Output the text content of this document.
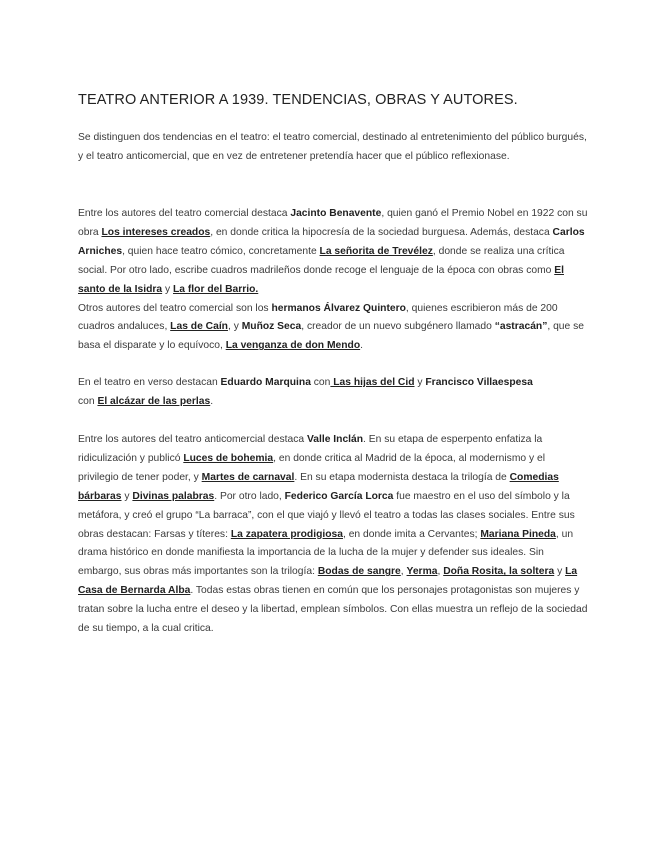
TEATRO ANTERIOR A 1939. TENDENCIAS, OBRAS Y AUTORES.

Se distinguen dos tendencias en el teatro: el teatro comercial, destinado al entretenimiento del público burgués, y el teatro anticomercial, que en vez de entretener pretendía hacer que el público reflexionase.

Entre los autores del teatro comercial destaca Jacinto Benavente, quien ganó el Premio Nobel en 1922 con su obra Los intereses creados, en donde critica la hipocresía de la sociedad burguesa. Además, destaca Carlos Arniches, quien hace teatro cómico, concretamente La señorita de Trevélez, donde se realiza una crítica social. Por otro lado, escribe cuadros madrileños donde recoge el lenguaje de la época con obras como El santo de la Isidra y La flor del Barrio.
Otros autores del teatro comercial son los hermanos Álvarez Quintero, quienes escribieron más de 200 cuadros andaluces, Las de Caín, y Muñoz Seca, creador de un nuevo subgénero llamado “astracán”, que se basa el disparate y lo equívoco, La venganza de don Mendo.

En el teatro en verso destacan Eduardo Marquina con Las hijas del Cid y Francisco Villaespesa
con El alcázar de las perlas.

Entre los autores del teatro anticomercial destaca Valle Inclán. En su etapa de esperpento enfatiza la ridiculización y publicó Luces de bohemia, en donde critica al Madrid de la época, al modernismo y el privilegio de tener poder, y Martes de carnaval. En su etapa modernista destaca la trilogía de Comedias bárbaras y Divinas palabras. Por otro lado, Federico García Lorca fue maestro en el uso del símbolo y la metáfora, y creó el grupo “La barraca”, con el que viajó y llevó el teatro a todas las clases sociales. Entre sus obras destacan: Farsas y títeres: La zapatera prodigiosa, en donde imita a Cervantes; Mariana Pineda, un drama histórico en donde manifiesta la importancia de la lucha de la mujer y defender sus ideales. Sin embargo, sus obras más importantes son la trilogía: Bodas de sangre, Yerma, Doña Rosita, la soltera y La Casa de Bernarda Alba. Todas estas obras tienen en común que los personajes protagonistas son mujeres y tratan sobre la lucha entre el deseo y la libertad, emplean símbolos. Con ellas muestra un reflejo de la sociedad de su tiempo, a la cual critica.
